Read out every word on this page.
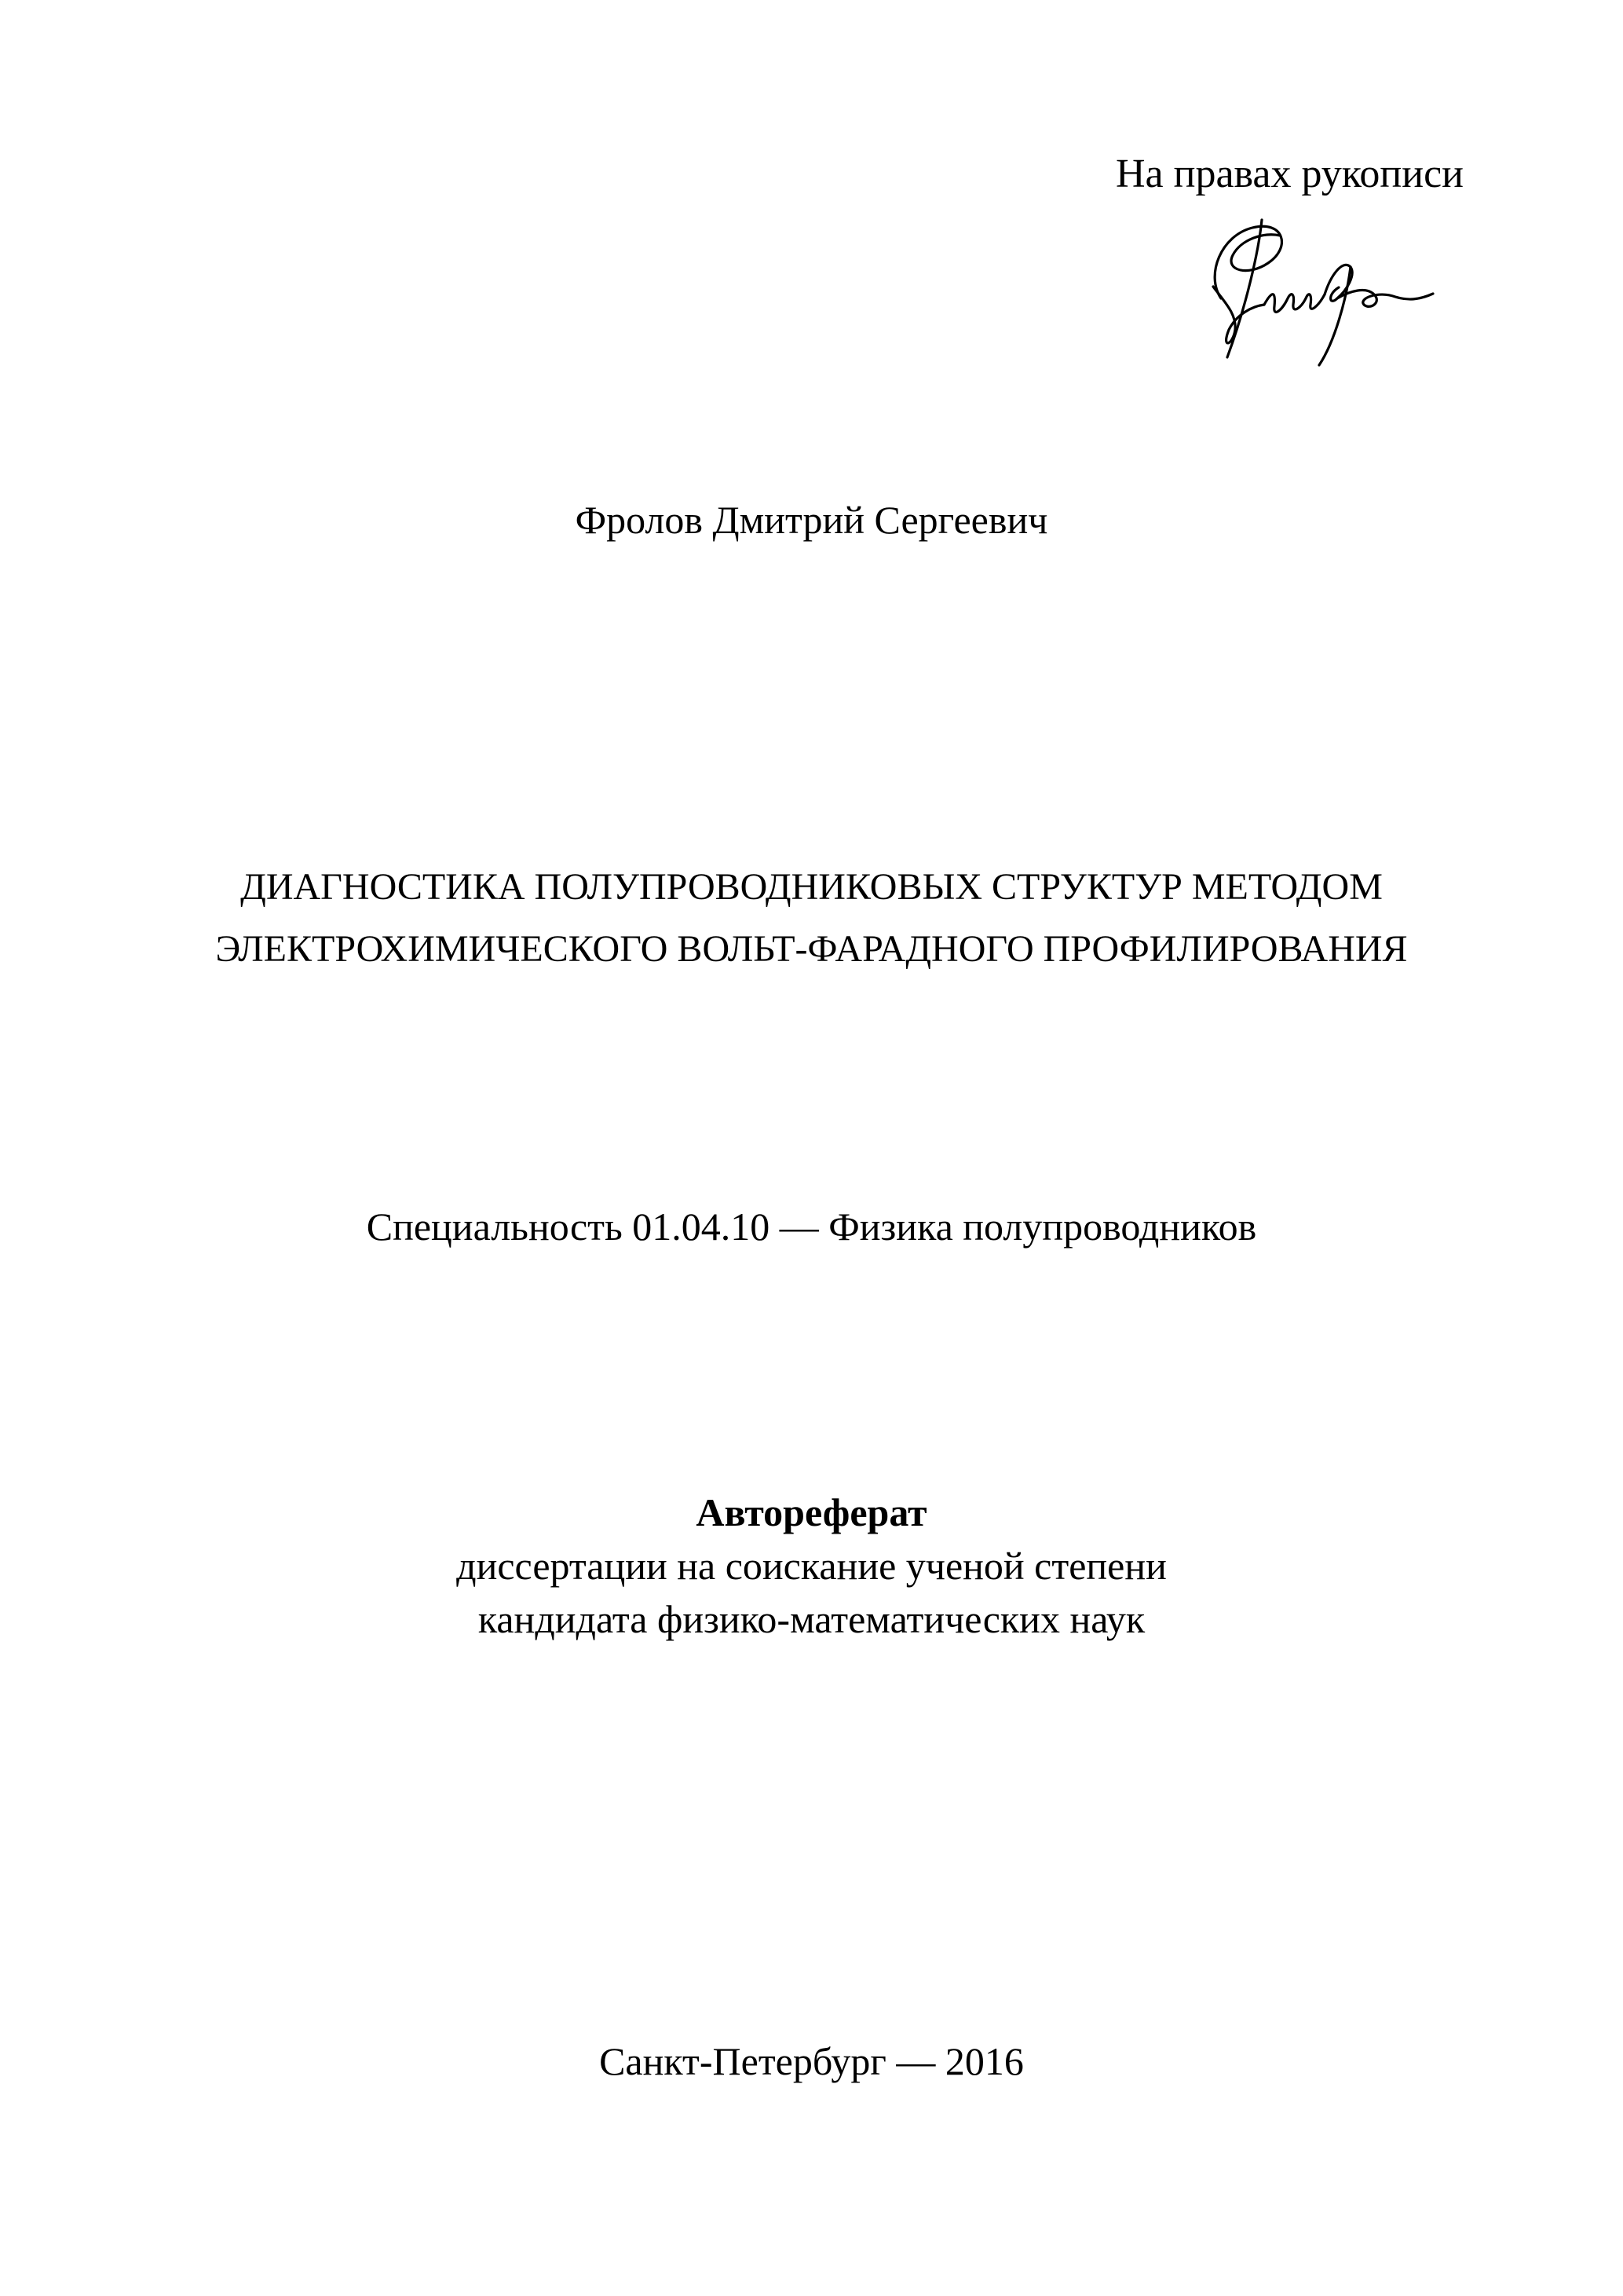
На правах рукописи
Фролов Дмитрий Сергеевич
ДИАГНОСТИКА ПОЛУПРОВОДНИКОВЫХ СТРУКТУР МЕТОДОМ
ЭЛЕКТРОХИМИЧЕСКОГО ВОЛЬТ-ФАРАДНОГО ПРОФИЛИРОВАНИЯ
Специальность 01.04.10 — Физика полупроводников
Автореферат
диссертации на соискание ученой степени
кандидата физико-математических наук
Санкт-Петербург — 2016
